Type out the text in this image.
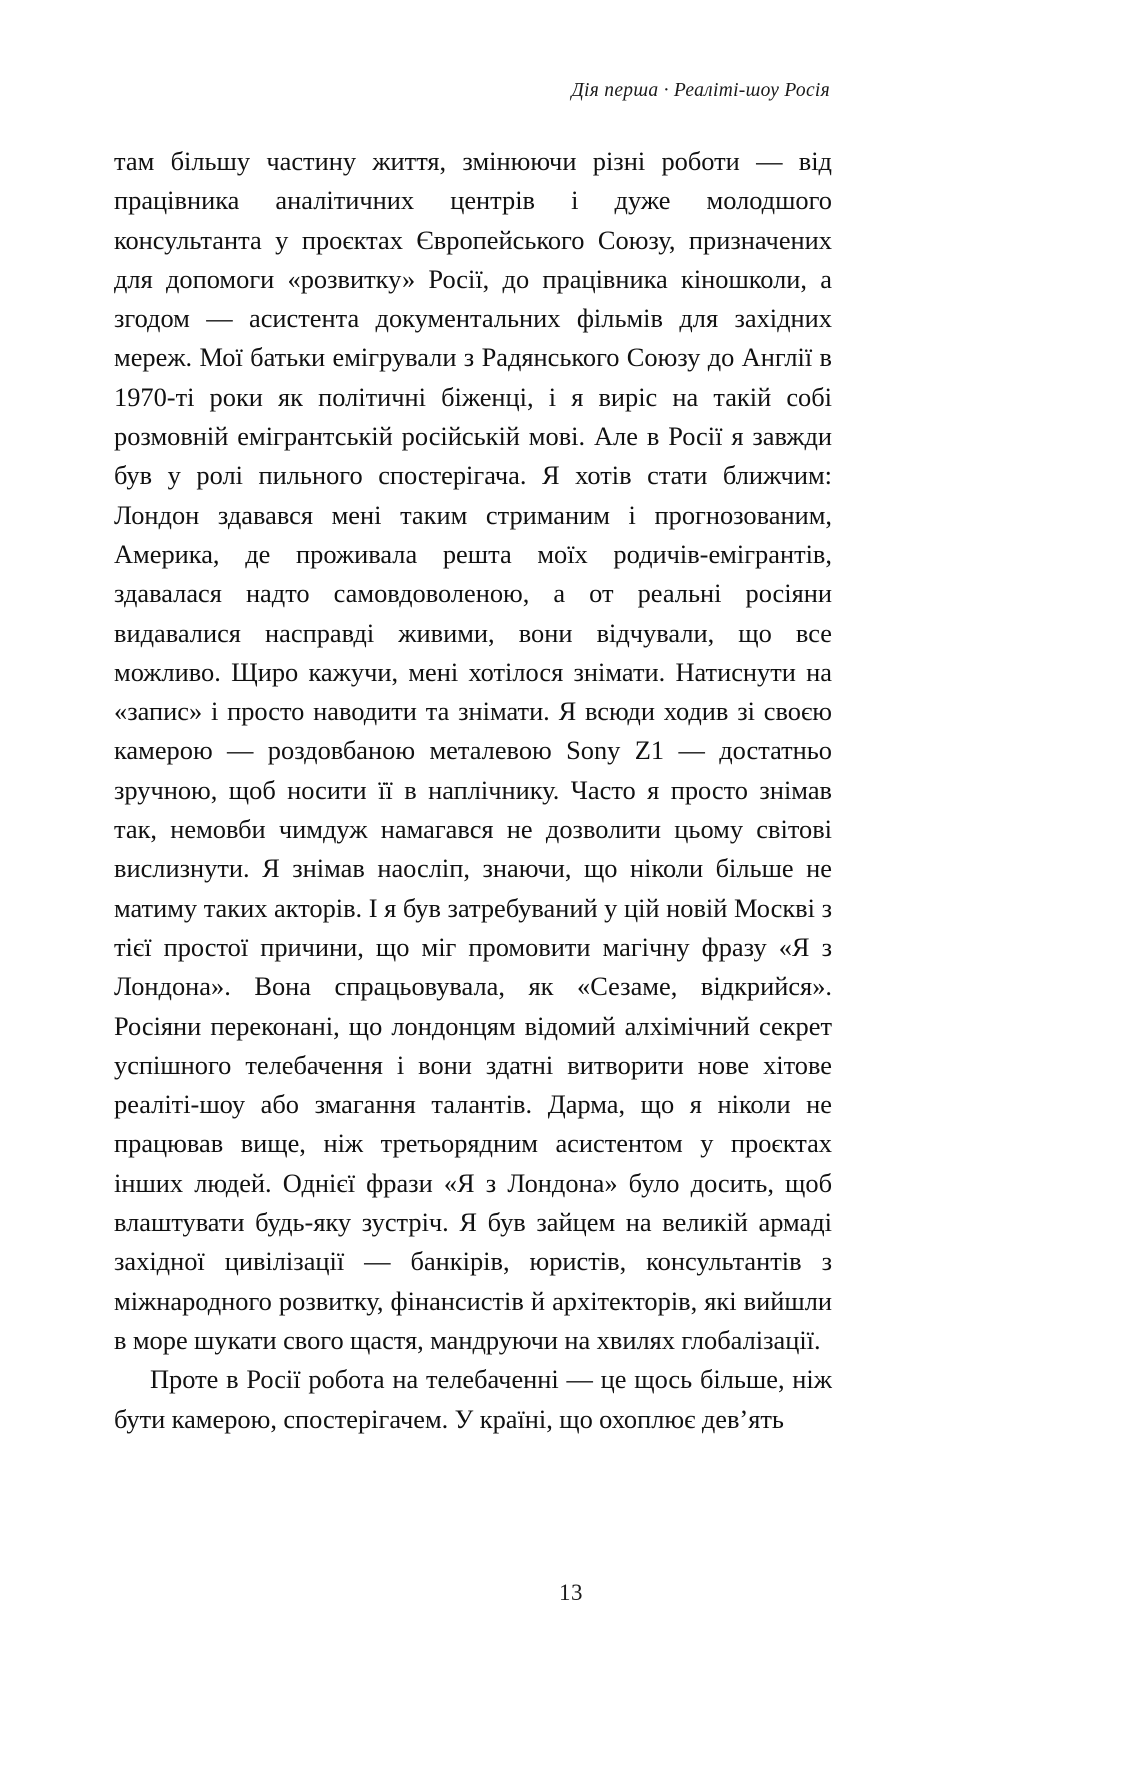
Дія перша · Реаліті-шоу Росія

там більшу частину життя, змінюючи різні роботи — від працівника аналітичних центрів і дуже молодшого консультанта у проєктах Європейського Союзу, призначених для допомоги «розвитку» Росії, до працівника кіношколи, а згодом — асистента документальних фільмів для західних мереж. Мої батьки емігрували з Радянського Союзу до Англії в 1970-ті роки як політичні біженці, і я виріс на такій собі розмовній емігрантській російській мові. Але в Росії я завжди був у ролі пильного спостерігача. Я хотів стати ближчим: Лондон здавався мені таким стриманим і прогнозованим, Америка, де проживала решта моїх родичів-емігрантів, здавалася надто самовдоволеною, а от реальні росіяни видавалися насправді живими, вони відчували, що все можливо. Щиро кажучи, мені хотілося знімати. Натиснути на «запис» і просто наводити та знімати. Я всюди ходив зі своєю камерою — роздовбаною металевою Sony Z1 — достатньо зручною, щоб носити її в наплічнику. Часто я просто знімав так, немовби чимдуж намагався не дозволити цьому світові вислизнути. Я знімав наосліп, знаючи, що ніколи більше не матиму таких акторів. І я був затребуваний у цій новій Москві з тієї простої причини, що міг промовити магічну фразу «Я з Лондона». Вона спрацьовувала, як «Сезаме, відкрийся». Росіяни переконані, що лондонцям відомий алхімічний секрет успішного телебачення і вони здатні витворити нове хітове реаліті-шоу або змагання талантів. Дарма, що я ніколи не працював вище, ніж третьорядним асистентом у проєктах інших людей. Однієї фрази «Я з Лондона» було досить, щоб влаштувати будь-яку зустріч. Я був зайцем на великій армаді західної цивілізації — банкірів, юристів, консультантів з міжнародного розвитку, фінансистів й архітекторів, які вийшли в море шукати свого щастя, мандруючи на хвилях глобалізації.

Проте в Росії робота на телебаченні — це щось більше, ніж бути камерою, спостерігачем. У країні, що охоплює дев’ять

13
